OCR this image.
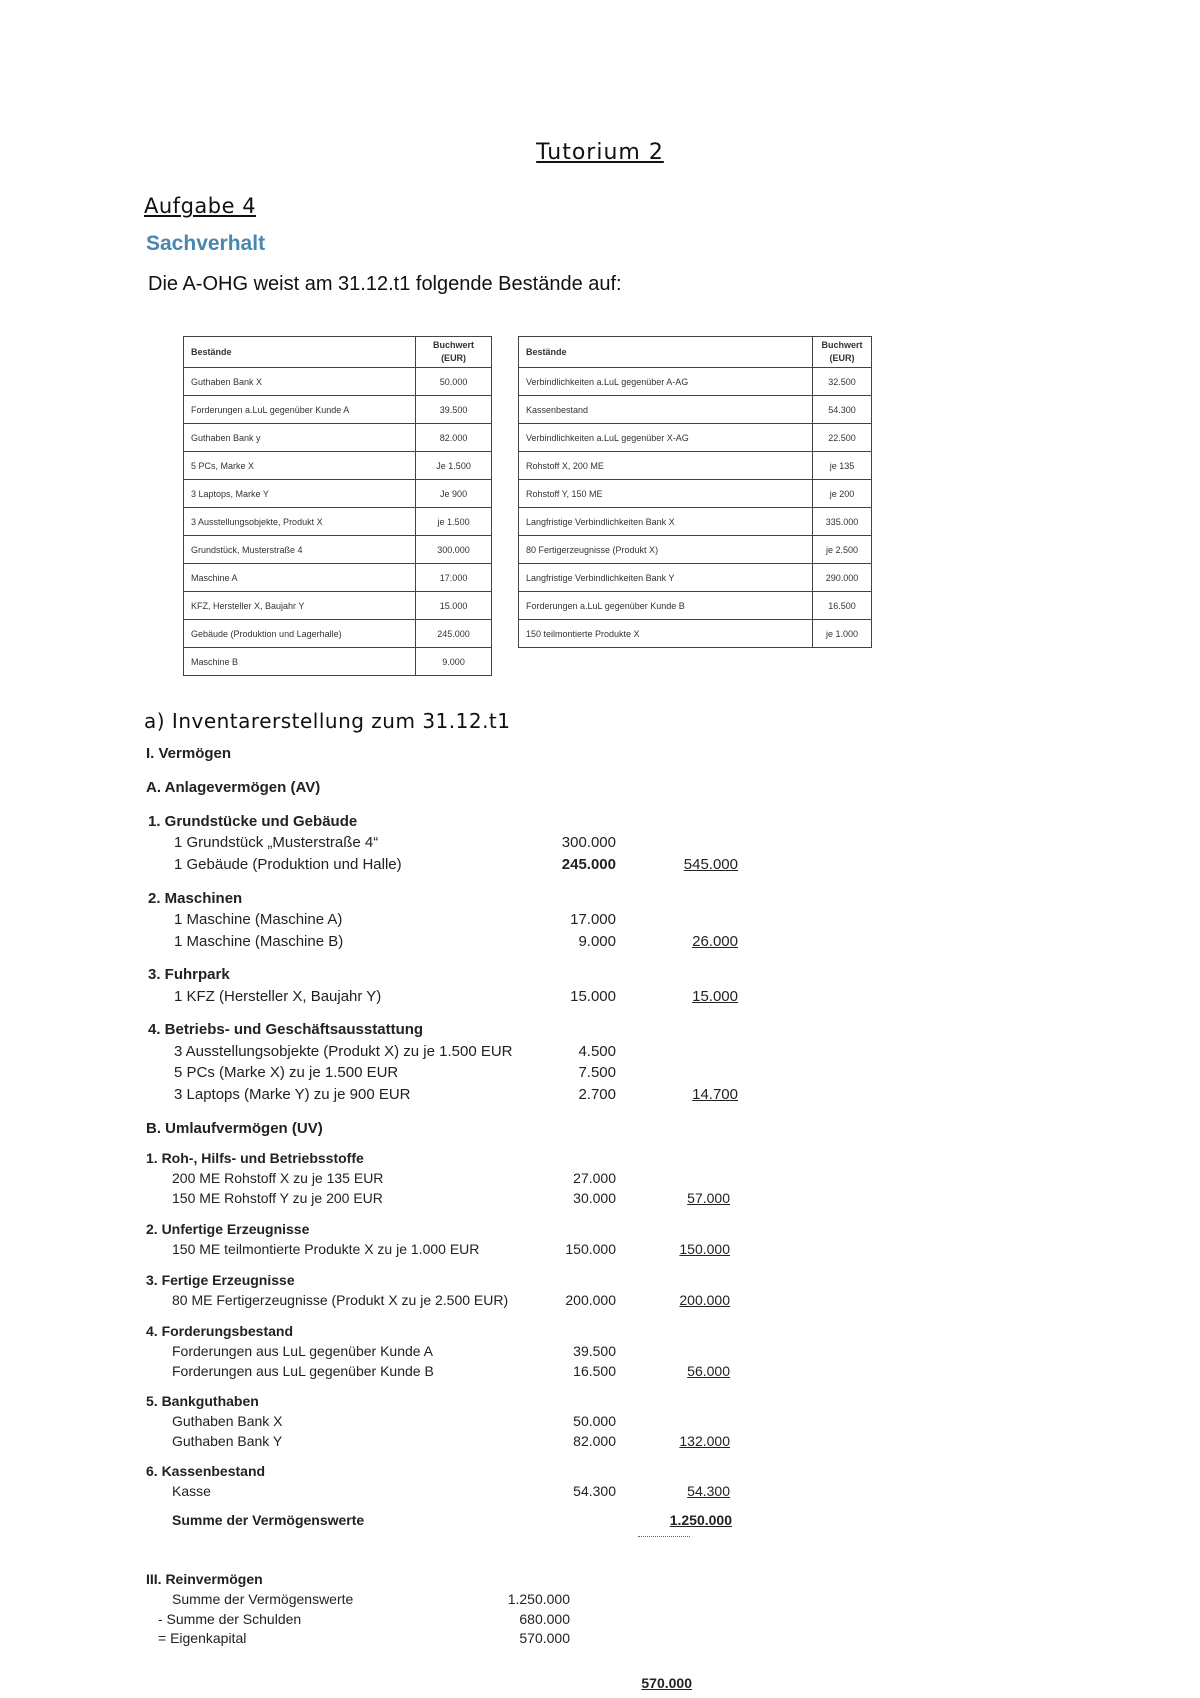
Tutorium 2
Aufgabe 4
Sachverhalt
Die A-OHG weist am 31.12.t1 folgende Bestände auf:
Bestände	Buchwert (EUR)
Guthaben Bank X	50.000
Forderungen a.LuL gegenüber Kunde A	39.500
Guthaben Bank y	82.000
5 PCs, Marke X	Je 1.500
3 Laptops, Marke Y	Je 900
3 Ausstellungsobjekte, Produkt X	je 1.500
Grundstück, Musterstraße 4	300.000
Maschine A	17.000
KFZ, Hersteller X, Baujahr Y	15.000
Gebäude (Produktion und Lagerhalle)	245.000
Maschine B	9.000
Bestände	Buchwert (EUR)
Verbindlichkeiten a.LuL gegenüber A-AG	32.500
Kassenbestand	54.300
Verbindlichkeiten a.LuL gegenüber X-AG	22.500
Rohstoff X, 200 ME	je 135
Rohstoff Y, 150 ME	je 200
Langfristige Verbindlichkeiten Bank X	335.000
80 Fertigerzeugnisse (Produkt X)	je 2.500
Langfristige Verbindlichkeiten Bank Y	290.000
Forderungen a.LuL gegenüber Kunde B	16.500
150 teilmontierte Produkte X	je 1.000
a) Inventarerstellung zum 31.12.t1
I. Vermögen
A. Anlagevermögen (AV)
1. Grundstücke und Gebäude
1 Grundstück „Musterstraße 4“	300.000
1 Gebäude (Produktion und Halle)	245.000	545.000
2. Maschinen
1 Maschine (Maschine A)	17.000
1 Maschine (Maschine B)	9.000	26.000
3. Fuhrpark
1 KFZ (Hersteller X, Baujahr Y)	15.000	15.000
4. Betriebs- und Geschäftsausstattung
3 Ausstellungsobjekte (Produkt X) zu je 1.500 EUR	4.500
5 PCs (Marke X) zu je 1.500 EUR	7.500
3 Laptops (Marke Y) zu je 900 EUR	2.700	14.700
B. Umlaufvermögen (UV)
1. Roh-, Hilfs- und Betriebsstoffe
200 ME Rohstoff X zu je 135 EUR	27.000
150 ME Rohstoff Y zu je 200 EUR	30.000	57.000
2. Unfertige Erzeugnisse
150 ME teilmontierte Produkte X zu je 1.000 EUR	150.000	150.000
3. Fertige Erzeugnisse
80 ME Fertigerzeugnisse (Produkt X zu je 2.500 EUR)	200.000	200.000
4. Forderungsbestand
Forderungen aus LuL gegenüber Kunde A	39.500
Forderungen aus LuL gegenüber Kunde B	16.500	56.000
5. Bankguthaben
Guthaben Bank X	50.000
Guthaben Bank Y	82.000	132.000
6. Kassenbestand
Kasse	54.300	54.300
Summe der Vermögenswerte	1.250.000
III. Reinvermögen
Summe der Vermögenswerte	1.250.000
- Summe der Schulden	680.000
= Eigenkapital	570.000
570.000
